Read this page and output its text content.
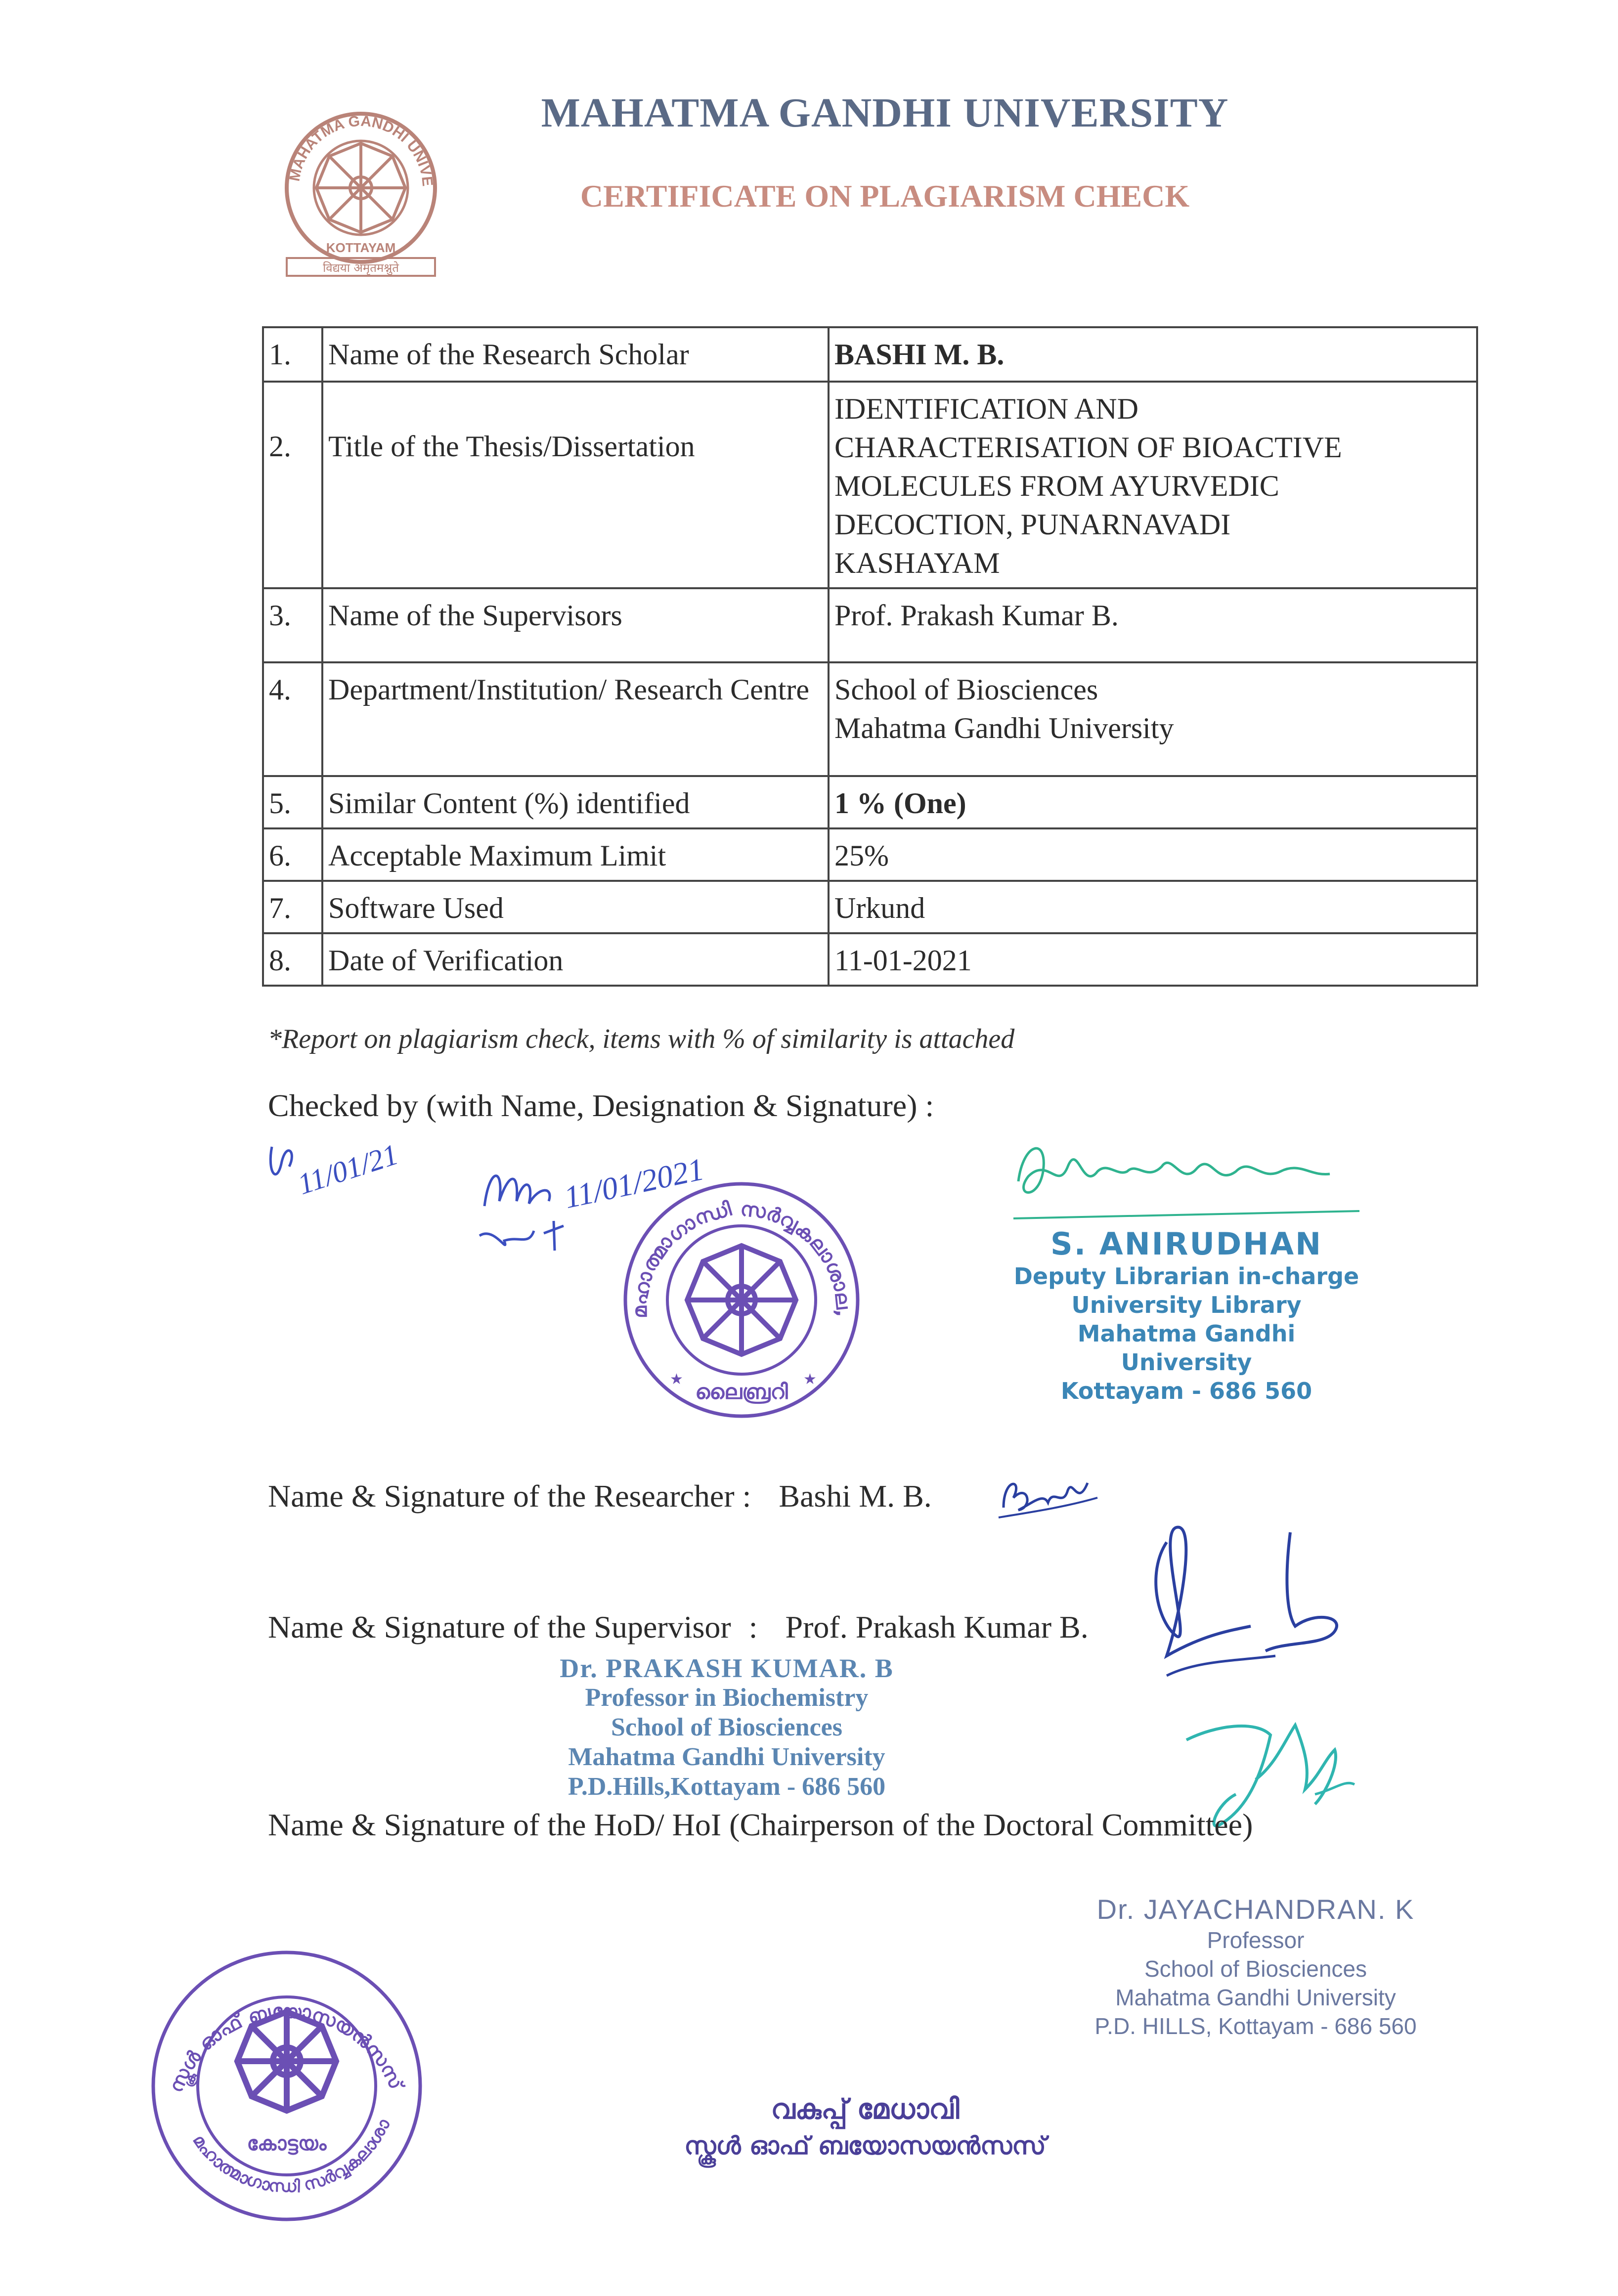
MAHATMA GANDHI UNIVE
KOTTAYAM
विद्यया अमृतमश्नुते
MAHATMA GANDHI UNIVERSITY
CERTIFICATE ON PLAGIARISM CHECK
1.	Name of the Research Scholar	BASHI M. B.

2.	Title of the Thesis/Dissertation	IDENTIFICATION AND
CHARACTERISATION OF BIOACTIVE
MOLECULES FROM AYURVEDIC
DECOCTION, PUNARNAVADI
KASHAYAM

3.	Name of the Supervisors	Prof. Prakash Kumar B.

4.	Department/Institution/ Research Centre	School of Biosciences
Mahatma Gandhi University

5.	Similar Content (%) identified	1 % (One)

6.	Acceptable Maximum Limit	25%

7.	Software Used	Urkund

8.	Date of Verification	11-01-2021
*Report on plagiarism check, items with % of similarity is attached
Checked by (with Name, Designation & Signature) :
11/01/21	11/01/2021
മഹാത്മാഗാന്ധി സർവ്വകലാശാല,
ലൈബ്രറി
★	★
S. ANIRUDHAN
Deputy Librarian in-charge
University Library
Mahatma Gandhi University
Kottayam - 686 560
Name & Signature of the Researcher : Bashi M. B.
Name & Signature of the Supervisor : Prof. Prakash Kumar B.
Dr. PRAKASH KUMAR. B
Professor in Biochemistry
School of Biosciences
Mahatma Gandhi University
P.D.Hills,Kottayam - 686 560
Name & Signature of the HoD/ HoI (Chairperson of the Doctoral Committee)
Dr. JAYACHANDRAN. K
Professor
School of Biosciences
Mahatma Gandhi University
P.D. HILLS, Kottayam - 686 560
സ്കൂൾ ഓഫ് ബയോസയൻസസ്
മഹാത്മാഗാന്ധി സർവ്വകലാശാ
കോട്ടയം
വകുപ്പ് മേധാവി
സ്കൂൾ ഓഫ് ബയോസയൻസസ്
